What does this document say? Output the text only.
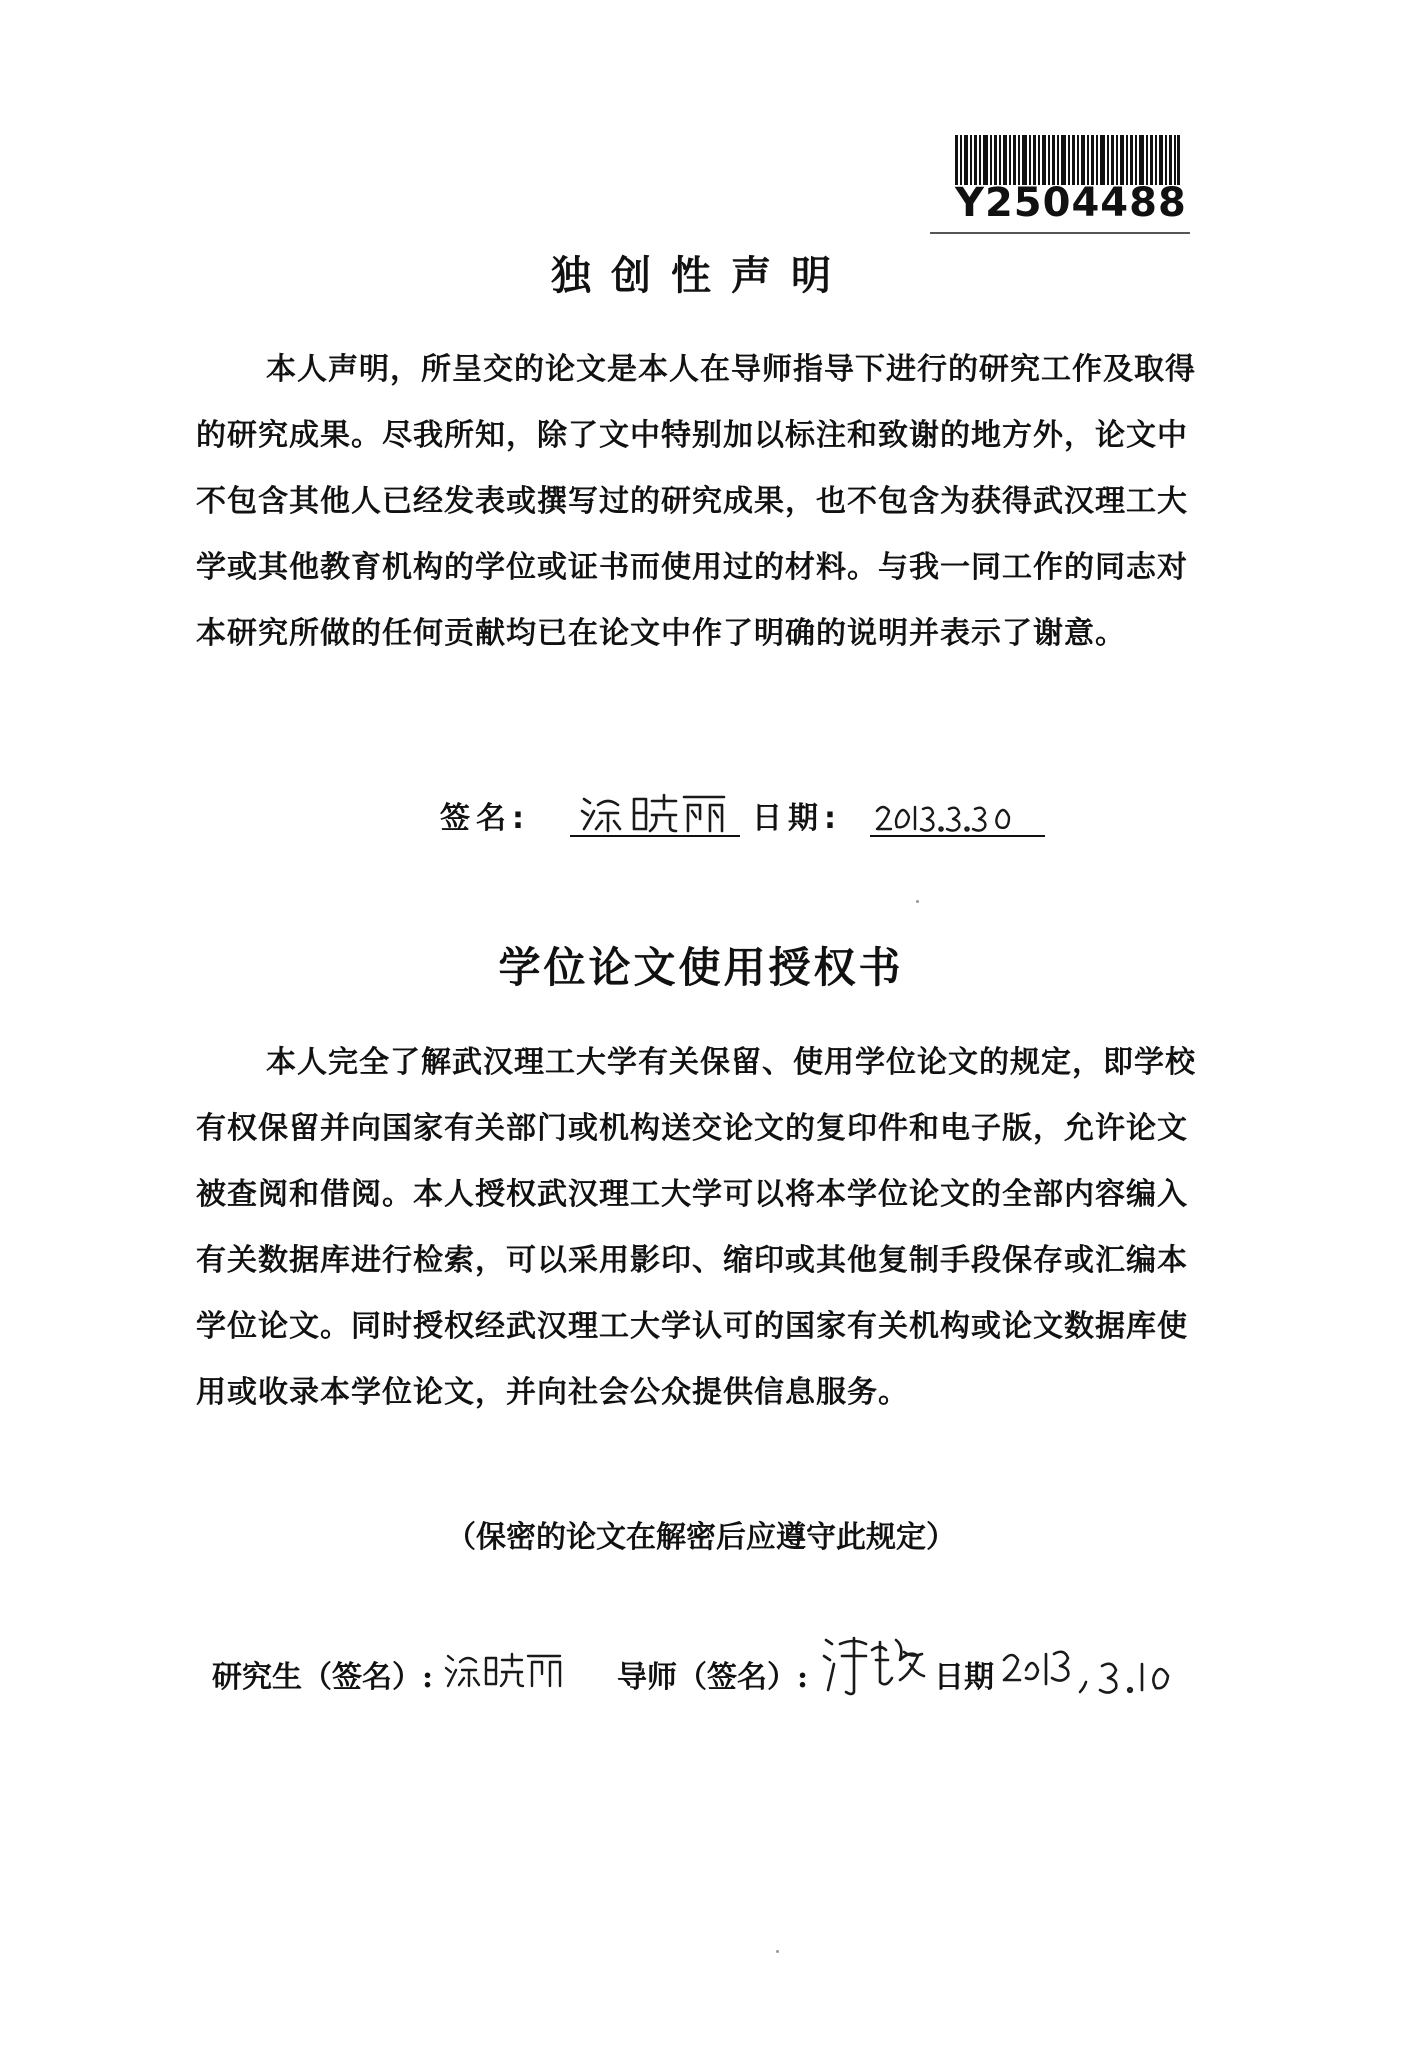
Y2504488
独创性声明
本人声明，所呈交的论文是本人在导师指导下进行的研究工作及取得的研究成果。尽我所知，除了文中特别加以标注和致谢的地方外，论文中不包含其他人已经发表或撰写过的研究成果，也不包含为获得武汉理工大学或其他教育机构的学位或证书而使用过的材料。与我一同工作的同志对本研究所做的任何贡献均已在论文中作了明确的说明并表示了谢意。
签名:	日期:
学位论文使用授权书
本人完全了解武汉理工大学有关保留、使用学位论文的规定，即学校有权保留并向国家有关部门或机构送交论文的复印件和电子版，允许论文被查阅和借阅。本人授权武汉理工大学可以将本学位论文的全部内容编入有关数据库进行检索，可以采用影印、缩印或其他复制手段保存或汇编本学位论文。同时授权经武汉理工大学认可的国家有关机构或论文数据库使用或收录本学位论文，并向社会公众提供信息服务。
（保密的论文在解密后应遵守此规定）
研究生（签名）:	导师（签名）:	日期
